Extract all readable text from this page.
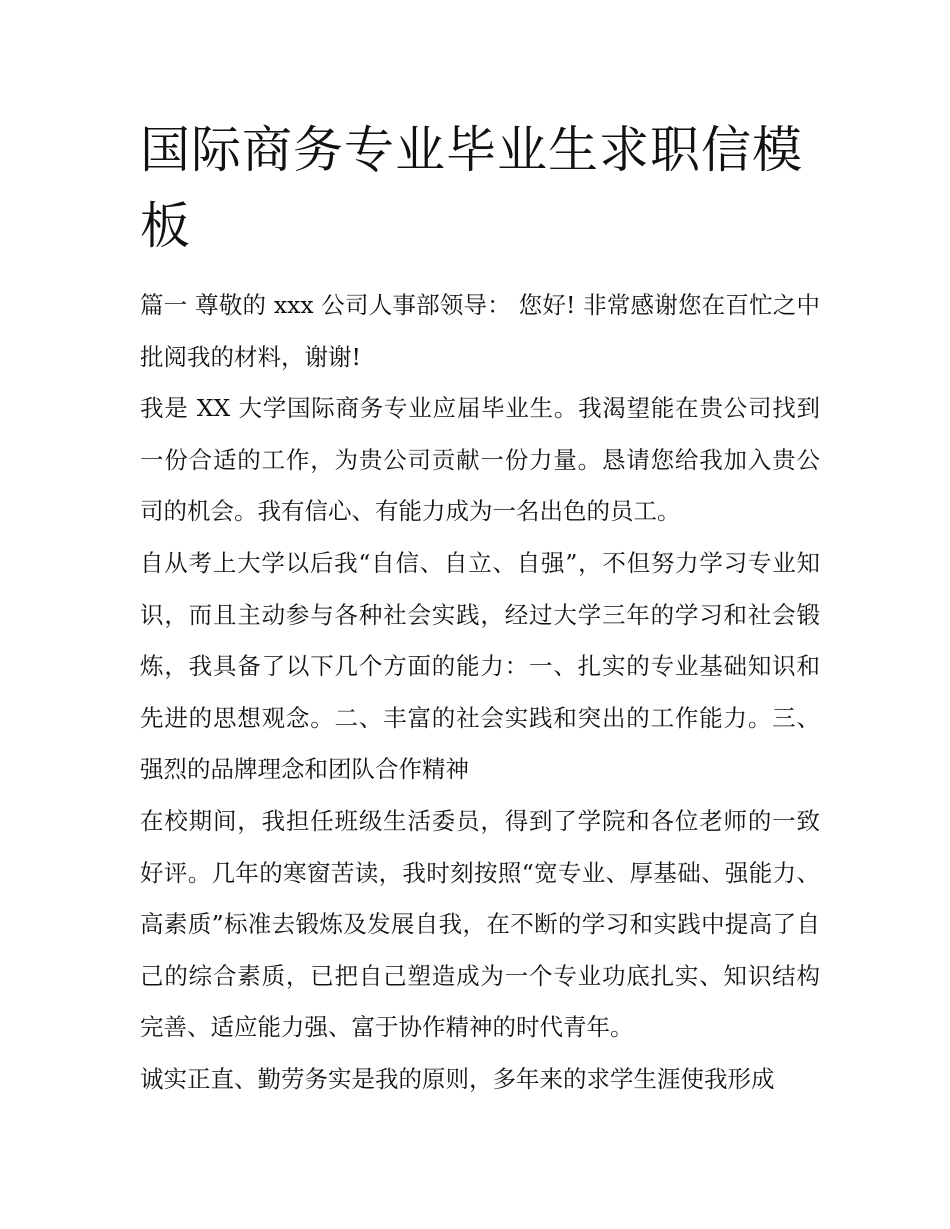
国际商务专业毕业生求职信模板

篇一 尊敬的 xxx 公司人事部领导： 您好! 非常感谢您在百忙之中批阅我的材料，谢谢!

我是 XX 大学国际商务专业应届毕业生。我渴望能在贵公司找到一份合适的工作，为贵公司贡献一份力量。恳请您给我加入贵公司的机会。我有信心、有能力成为一名出色的员工。

自从考上大学以后我“自信、自立、自强”，不但努力学习专业知识，而且主动参与各种社会实践，经过大学三年的学习和社会锻炼，我具备了以下几个方面的能力：一、扎实的专业基础知识和先进的思想观念。二、丰富的社会实践和突出的工作能力。三、强烈的品牌理念和团队合作精神

在校期间，我担任班级生活委员，得到了学院和各位老师的一致好评。几年的寒窗苦读，我时刻按照“宽专业、厚基础、强能力、高素质”标准去锻炼及发展自我，在不断的学习和实践中提高了自己的综合素质，已把自己塑造成为一个专业功底扎实、知识结构完善、适应能力强、富于协作精神的时代青年。

诚实正直、勤劳务实是我的原则，多年来的求学生涯使我形成
